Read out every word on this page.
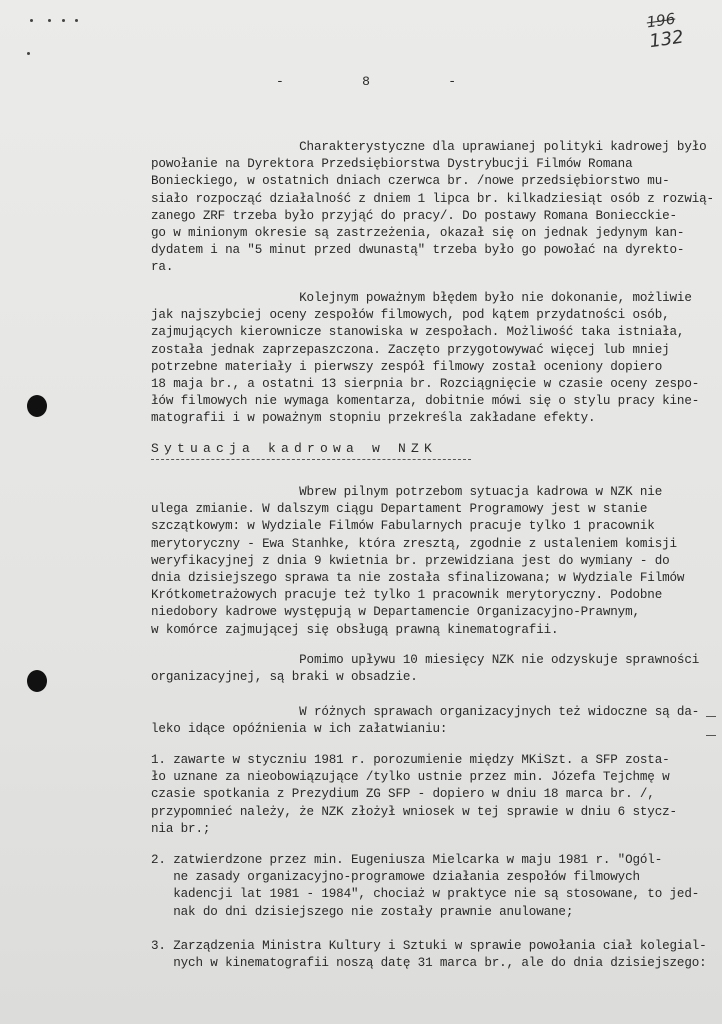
196
132
-	8	-

Charakterystyczne dla uprawianej polityki kadrowej było
powołanie na Dyrektora Przedsiębiorstwa Dystrybucji Filmów Romana
Bonieckiego, w ostatnich dniach czerwca br. /nowe przedsiębiorstwo mu-
siało rozpocząć działalność z dniem 1 lipca br. kilkadziesiąt osób z rozwią-
zanego ZRF trzeba było przyjąć do pracy/. Do postawy Romana Boniecckie-
go w minionym okresie są zastrzeżenia, okazał się on jednak jedynym kan-
dydatem i na "5 minut przed dwunastą" trzeba było go powołać na dyrekto-
ra.

Kolejnym poważnym błędem było nie dokonanie, możliwie
jak najszybciej oceny zespołów filmowych, pod kątem przydatności osób,
zajmujących kierownicze stanowiska w zespołach. Możliwość taka istniała,
została jednak zaprzepaszczona. Zaczęto przygotowywać więcej lub mniej
potrzebne materiały i pierwszy zespół filmowy został oceniony dopiero
18 maja br., a ostatni 13 sierpnia br. Rozciągnięcie w czasie oceny zespo-
łów filmowych nie wymaga komentarza, dobitnie mówi się o stylu pracy kine-
matografii i w poważnym stopniu przekreśla zakładane efekty.

Sytuacja kadrowa w NZK

Wbrew pilnym potrzebom sytuacja kadrowa w NZK nie
ulega zmianie. W dalszym ciągu Departament Programowy jest w stanie
szczątkowym: w Wydziale Filmów Fabularnych pracuje tylko 1 pracownik
merytoryczny - Ewa Stanhke, która zresztą, zgodnie z ustaleniem komisji
weryfikacyjnej z dnia 9 kwietnia br. przewidziana jest do wymiany - do
dnia dzisiejszego sprawa ta nie została sfinalizowana; w Wydziale Filmów
Krótkometrażowych pracuje też tylko 1 pracownik merytoryczny. Podobne
niedobory kadrowe występują w Departamencie Organizacyjno-Prawnym,
w komórce zajmującej się obsługą prawną kinematografii.

Pomimo upływu 10 miesięcy NZK nie odzyskuje sprawności
organizacyjnej, są braki w obsadzie.

W różnych sprawach organizacyjnych też widoczne są da-
leko idące opóźnienia w ich załatwianiu:

1. zawarte w styczniu 1981 r. porozumienie między MKiSzt. a SFP zosta-
ło uznane za nieobowiązujące /tylko ustnie przez min. Józefa Tejchmę w
czasie spotkania z Prezydium ZG SFP - dopiero w dniu 18 marca br. /,
przypomnieć należy, że NZK złożył wniosek w tej sprawie w dniu 6 stycz-
nia br.;

2. zatwierdzone przez min. Eugeniusza Mielcarka w maju 1981 r. "Ogól-
ne zasady organizacyjno-programowe działania zespołów filmowych
kadencji lat 1981 - 1984", chociaż w praktyce nie są stosowane, to jed-
nak do dni dzisiejszego nie zostały prawnie anulowane;

3. Zarządzenia Ministra Kultury i Sztuki w sprawie powołania ciał kolegial-
nych w kinematografii noszą datę 31 marca br., ale do dnia dzisiejszego:
